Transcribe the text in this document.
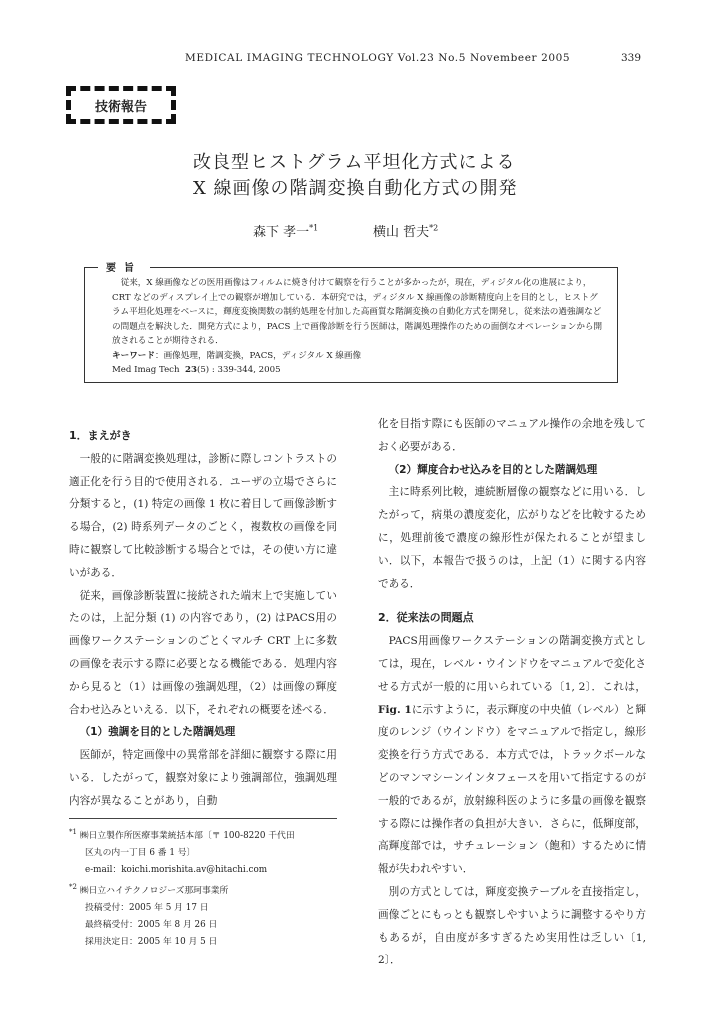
MEDICAL IMAGING TECHNOLOGY Vol.23 No.5 Novembeer 2005	339
技術報告
改良型ヒストグラム平坦化方式による
X 線画像の階調変換自動化方式の開発
森下 孝一$^{*1}$	横山 哲夫$^{*2}$
要旨

従来，X 線画像などの医用画像はフィルムに焼き付けて観察を行うことが多かったが，現在，ディジタル化の進展により，CRT などのディスプレイ上での観察が増加している．本研究では，ディジタル X 線画像の診断精度向上を目的とし，ヒストグラム平坦化処理をベースに，輝度変換関数の制約処理を付加した高画質な階調変換の自動化方式を開発し，従来法の過強調などの問題点を解決した．開発方式により，PACS 上で画像診断を行う医師は，階調処理操作のための面倒なオペレーションから開放されることが期待される．

キーワード：画像処理，階調変換，PACS，ディジタル X 線画像

Med Imag Tech 23(5) : 339-344, 2005

1．まえがき

一般的に階調変換処理は，診断に際しコントラストの適正化を行う目的で使用される．ユーザの立場でさらに分類すると，(1) 特定の画像 1 枚に着目して画像診断する場合，(2) 時系列データのごとく，複数枚の画像を同時に観察して比較診断する場合とでは，その使い方に違いがある．

従来，画像診断装置に接続された端末上で実施していたのは，上記分類 (1) の内容であり，(2) はPACS用の画像ワークステーションのごとくマルチ CRT 上に多数の画像を表示する際に必要となる機能である．処理内容から見ると（1）は画像の強調処理，（2）は画像の輝度合わせ込みといえる．以下，それぞれの概要を述べる．

（1）強調を目的とした階調処理

医師が，特定画像中の異常部を詳細に観察する際に用いる．したがって，観察対象により強調部位，強調処理内容が異なることがあり，自動

$^{*1}$ ㈱日立製作所医療事業統括本部〔〒 100-8220 千代田
区丸の内一丁目 6 番 1 号〕
e-mail：koichi.morishita.av@hitachi.com
$^{*2}$ ㈱日立ハイテクノロジーズ那珂事業所
投稿受付：2005 年 5 月 17 日
最終稿受付：2005 年 8 月 26 日
採用決定日：2005 年 10 月 5 日

化を目指す際にも医師のマニュアル操作の余地を残しておく必要がある．

（2）輝度合わせ込みを目的とした階調処理

主に時系列比較，連続断層像の観察などに用いる．したがって，病巣の濃度変化，広がりなどを比較するために，処理前後で濃度の線形性が保たれることが望ましい．以下，本報告で扱うのは，上記（1）に関する内容である．

2．従来法の問題点

PACS用画像ワークステーションの階調変換方式としては，現在，レベル・ウインドウをマニュアルで変化させる方式が一般的に用いられている〔1, 2〕．これは，Fig. 1に示すように，表示輝度の中央値（レベル）と輝度のレンジ（ウインドウ）をマニュアルで指定し，線形変換を行う方式である．本方式では，トラックボールなどのマンマシーンインタフェースを用いて指定するのが一般的であるが，放射線科医のように多量の画像を観察する際には操作者の負担が大きい．さらに，低輝度部，高輝度部では，サチュレーション（飽和）するために情報が失われやすい．

別の方式としては，輝度変換テーブルを直接指定し，画像ごとにもっとも観察しやすいように調整するやり方もあるが，自由度が多すぎるため実用性は乏しい〔1, 2〕．
